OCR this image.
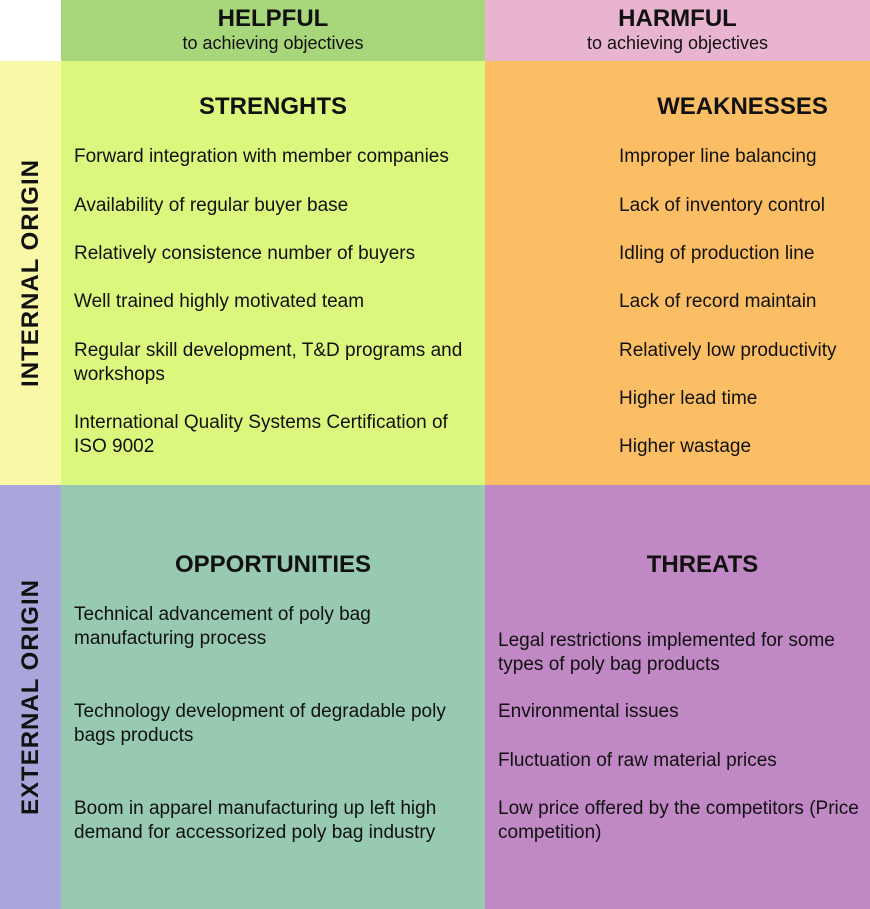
HELPFUL
to achieving objectives
HARMFUL
to achieving objectives
INTERNAL ORIGIN
EXTERNAL ORIGIN
STRENGHTS
Forward integration with member companies
Availability of regular buyer base
Relatively consistence number of buyers
Well trained highly motivated team
Regular skill development, T&D programs and workshops
International Quality Systems Certification of ISO 9002
WEAKNESSES
Improper line balancing
Lack of inventory control
Idling of production line
Lack of record maintain
Relatively low productivity
Higher lead time
Higher wastage
OPPORTUNITIES
Technical advancement of poly bag manufacturing process
Technology development of degradable poly bags products
Boom in apparel manufacturing up left high demand for accessorized poly bag industry
THREATS
Legal restrictions implemented for some types of poly bag products
Environmental issues
Fluctuation of raw material prices
Low price offered by the competitors (Price competition)
